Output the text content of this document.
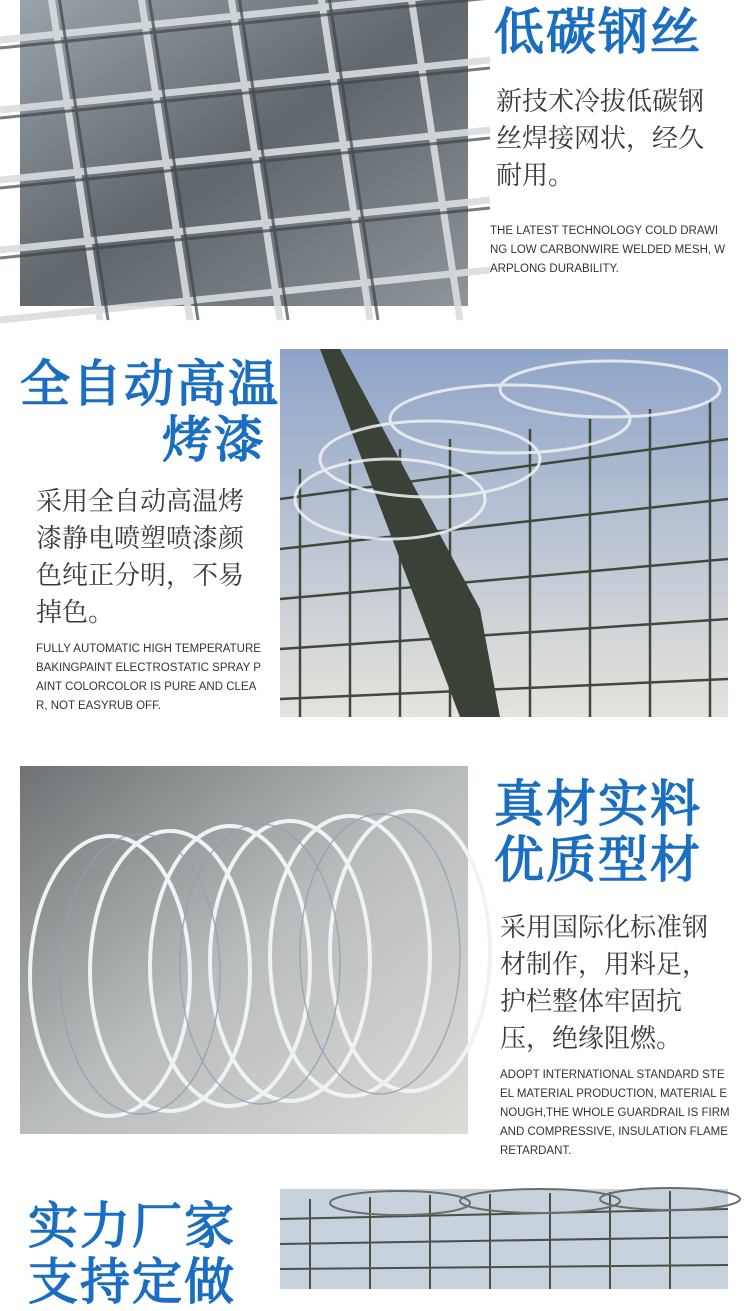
低碳钢丝
新技术冷拔低碳钢丝焊接网状，经久耐用。
THE LATEST TECHNOLOGY COLD DRAWING LOW CARBONWIRE WELDED MESH, WARPLONG DURABILITY.
全自动高温
烤漆
采用全自动高温烤漆静电喷塑喷漆颜色纯正分明，不易掉色。
FULLY AUTOMATIC HIGH TEMPERATURE BAKINGPAINT ELECTROSTATIC SPRAY PAINT COLORCOLOR IS PURE AND CLEAR, NOT EASYRUB OFF.
真材实料
优质型材
采用国际化标准钢材制作，用料足，护栏整体牢固抗压，绝缘阻燃。
ADOPT INTERNATIONAL STANDARD STEEL MATERIAL PRODUCTION, MATERIAL ENOUGH,THE WHOLE GUARDRAIL IS FIRM AND COMPRESSIVE, INSULATION FLAME RETARDANT.
实力厂家
支持定做
